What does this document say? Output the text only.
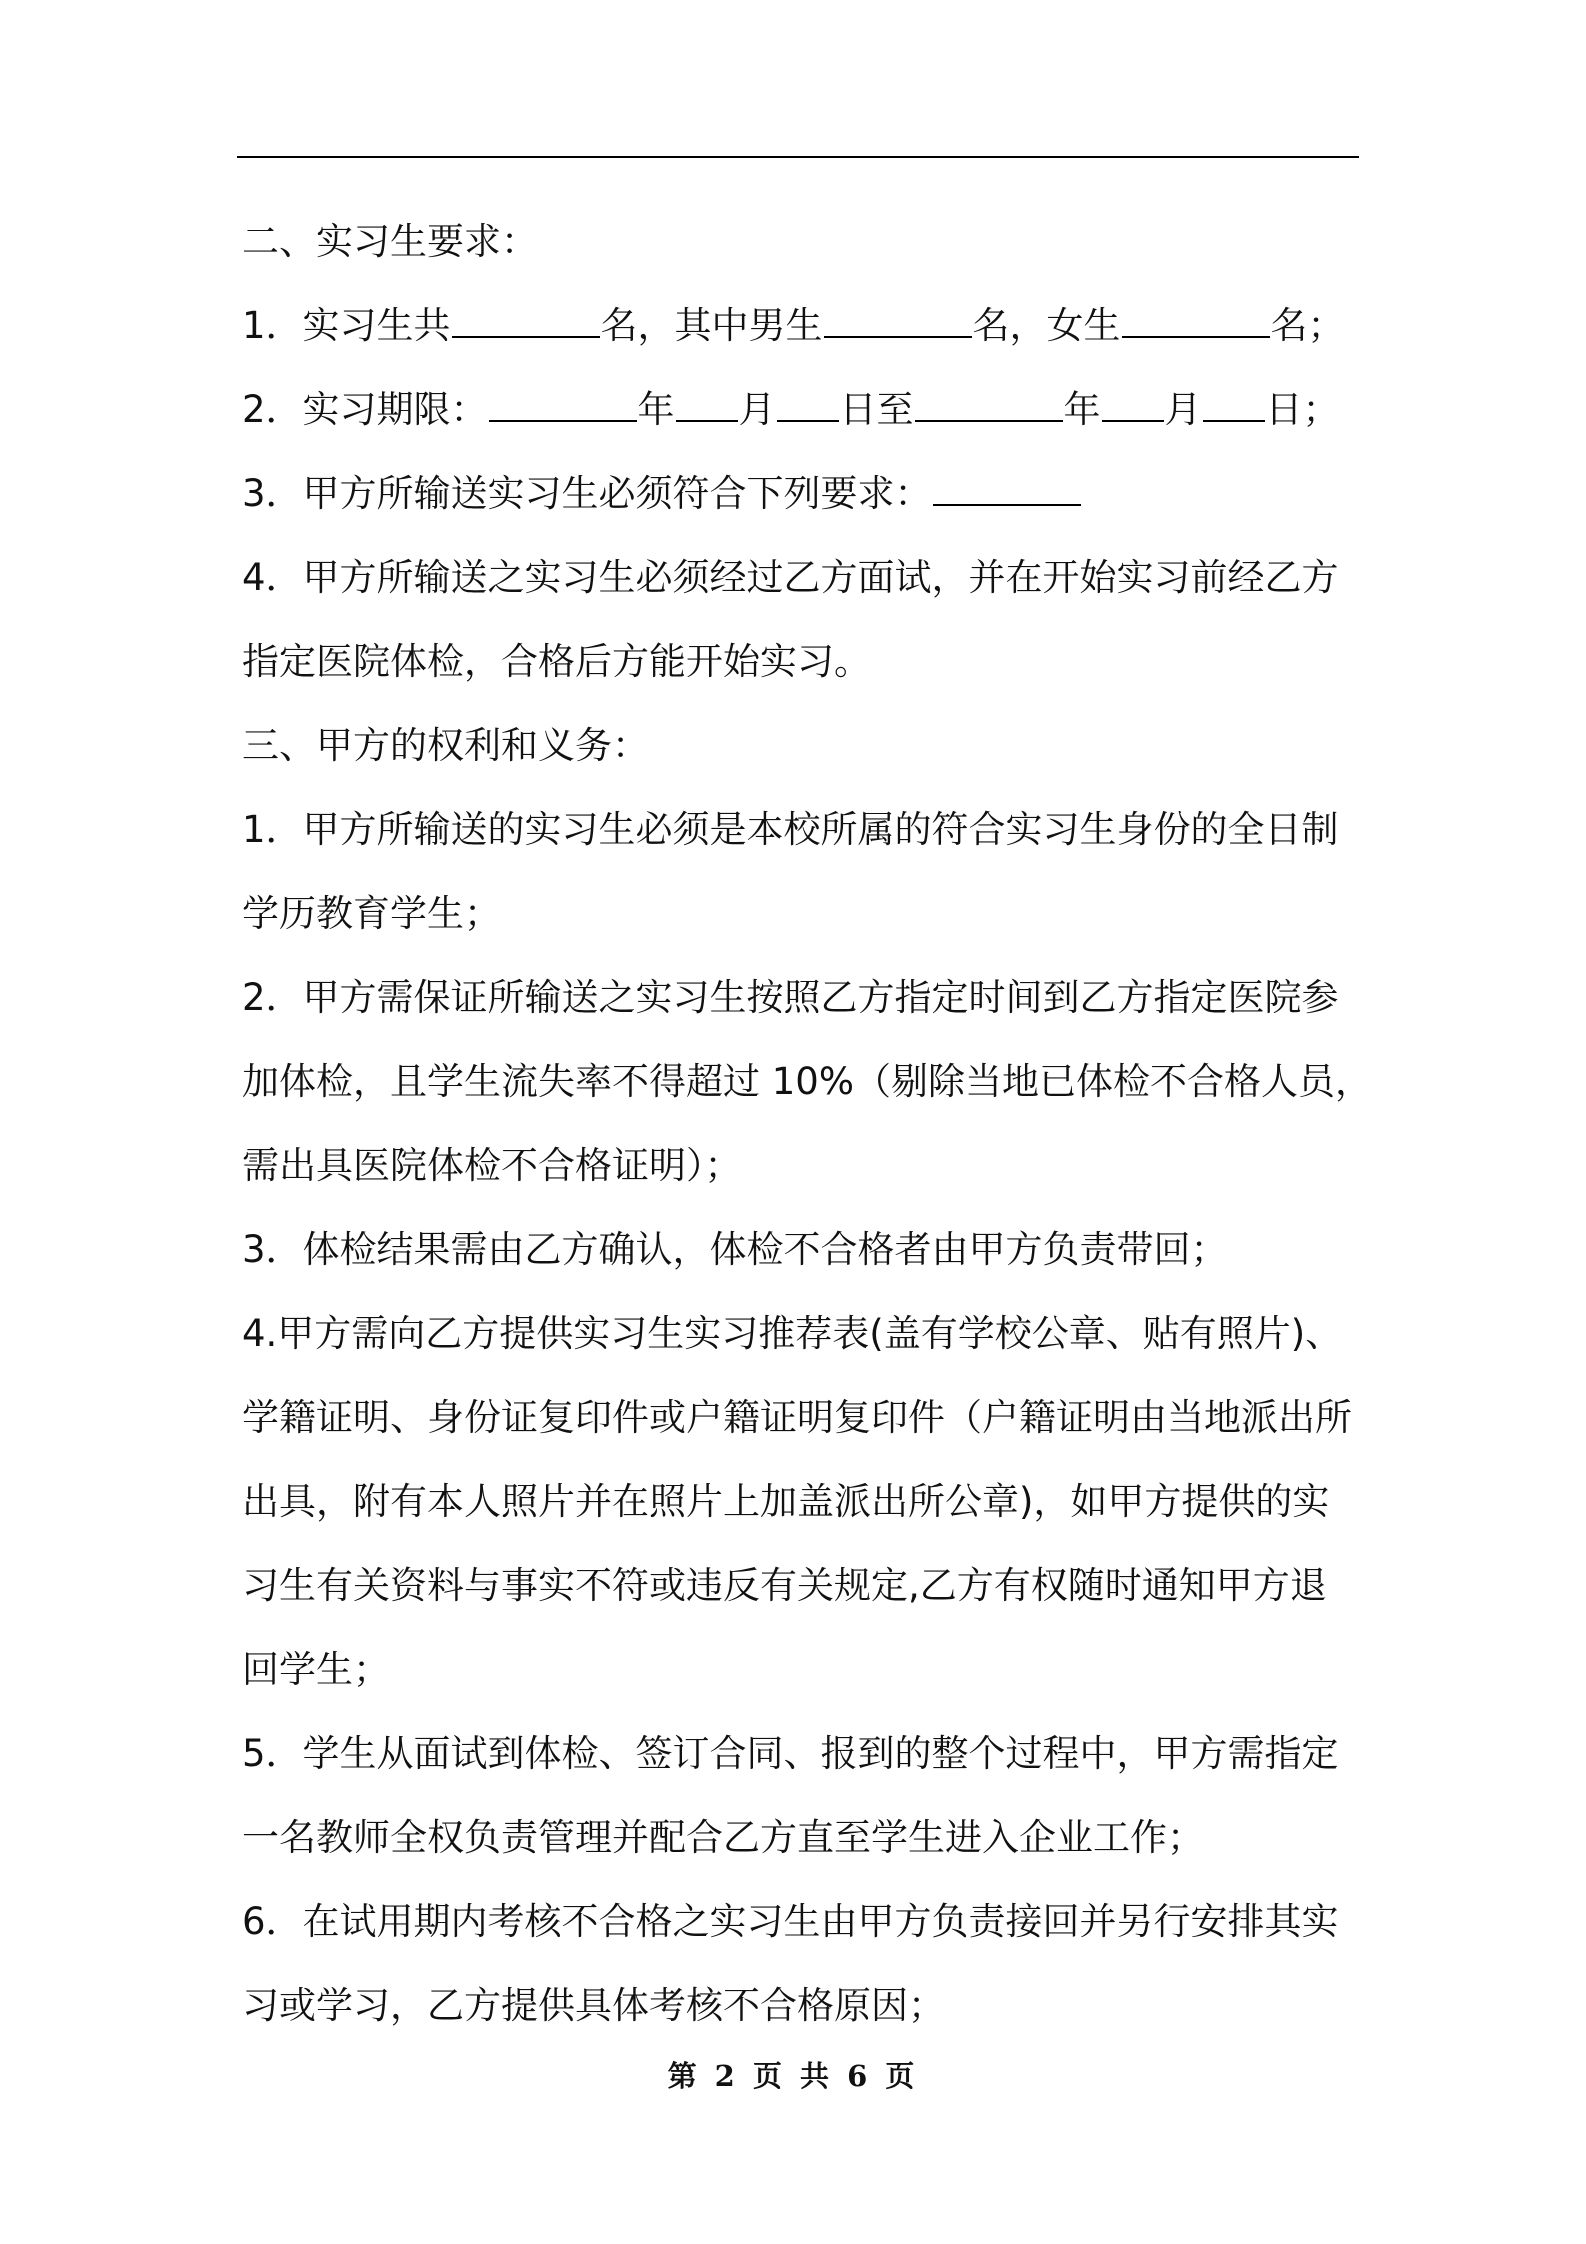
二、实习生要求：
1．实习生共	名，其中男生	名，女生	名；
2．实习期限：	年 月 日至	年 月 日；
3．甲方所输送实习生必须符合下列要求：
4．甲方所输送之实习生必须经过乙方面试，并在开始实习前经乙方
指定医院体检，合格后方能开始实习。
三、甲方的权利和义务：
1．甲方所输送的实习生必须是本校所属的符合实习生身份的全日制
学历教育学生；
2．甲方需保证所输送之实习生按照乙方指定时间到乙方指定医院参
加体检，且学生流失率不得超过 10%（剔除当地已体检不合格人员，
需出具医院体检不合格证明）；
3．体检结果需由乙方确认，体检不合格者由甲方负责带回；
4.甲方需向乙方提供实习生实习推荐表(盖有学校公章、贴有照片)、
学籍证明、身份证复印件或户籍证明复印件（户籍证明由当地派出所
出具，附有本人照片并在照片上加盖派出所公章)，如甲方提供的实
习生有关资料与事实不符或违反有关规定,乙方有权随时通知甲方退
回学生；
5．学生从面试到体检、签订合同、报到的整个过程中，甲方需指定
一名教师全权负责管理并配合乙方直至学生进入企业工作；
6．在试用期内考核不合格之实习生由甲方负责接回并另行安排其实
习或学习，乙方提供具体考核不合格原因；
第 2 页 共 6 页
